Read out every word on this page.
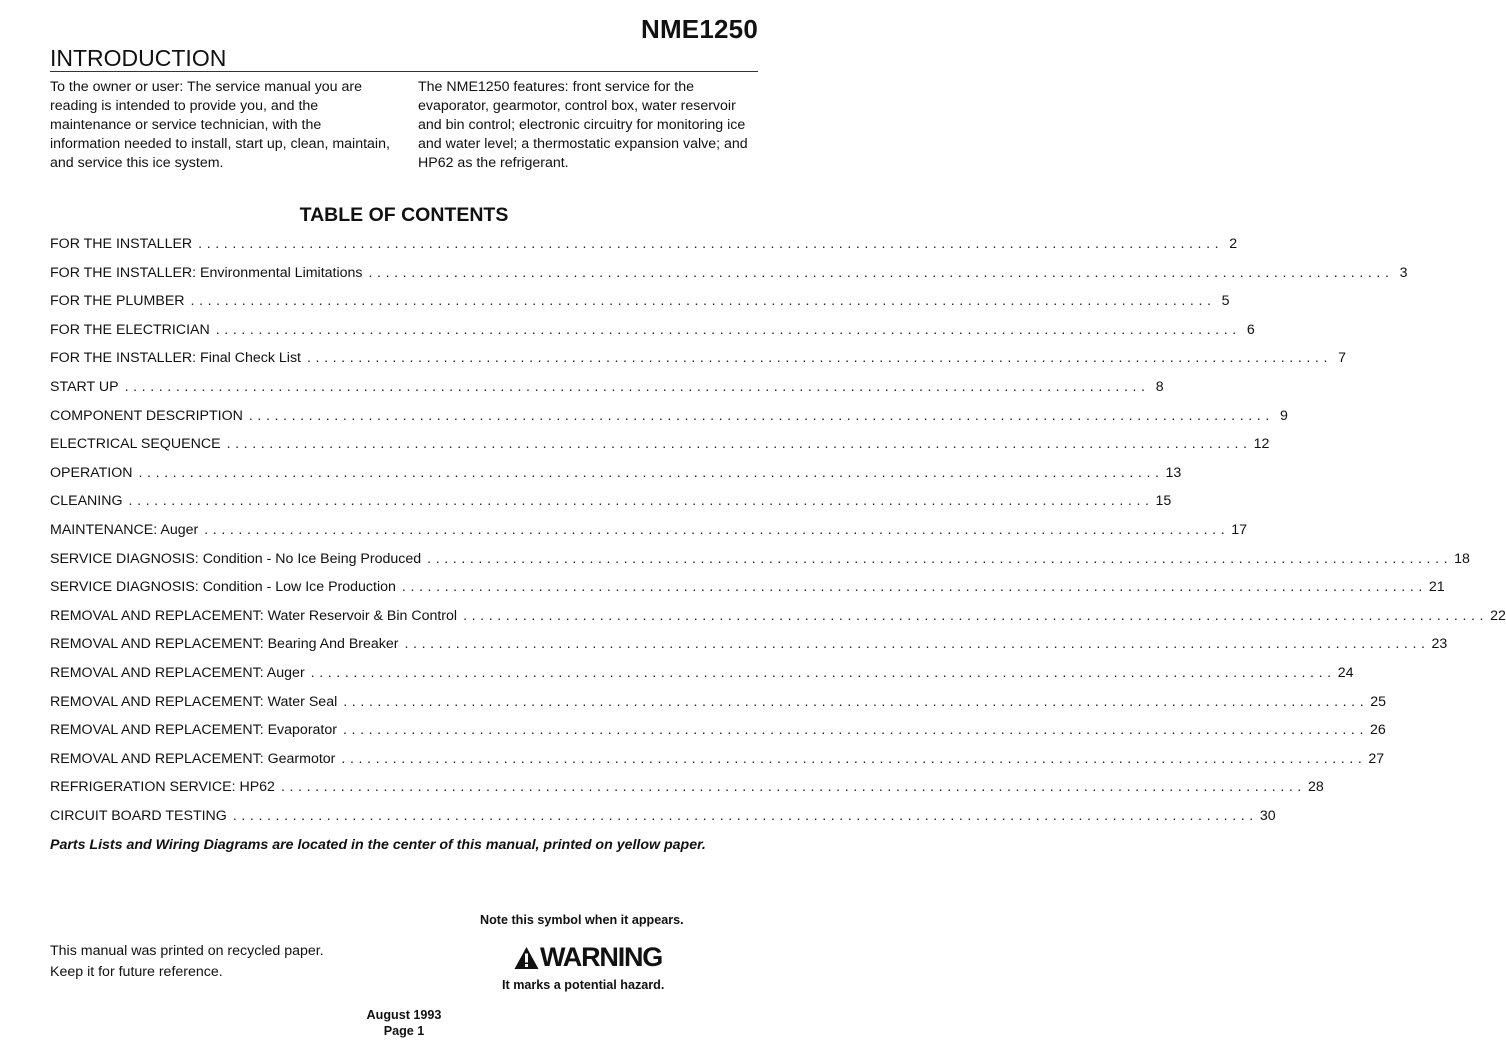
NME1250
INTRODUCTION
To the owner or user: The service manual you are reading is intended to provide you, and the maintenance or service technician, with the information needed to install, start up, clean, maintain, and service this ice system.
The NME1250 features: front service for the evaporator, gearmotor, control box, water reservoir and bin control; electronic circuitry for monitoring ice and water level; a thermostatic expansion valve; and HP62 as the refrigerant.
TABLE OF CONTENTS
FOR THE INSTALLER ........................................................................................................................ 2
FOR THE INSTALLER: Environmental Limitations ........................................................................................................................ 3
FOR THE PLUMBER ........................................................................................................................ 5
FOR THE ELECTRICIAN ........................................................................................................................ 6
FOR THE INSTALLER: Final Check List ........................................................................................................................ 7
START UP ........................................................................................................................ 8
COMPONENT DESCRIPTION ........................................................................................................................ 9
ELECTRICAL SEQUENCE ........................................................................................................................ 12
OPERATION ........................................................................................................................ 13
CLEANING ........................................................................................................................ 15
MAINTENANCE: Auger ........................................................................................................................ 17
SERVICE DIAGNOSIS: Condition - No Ice Being Produced ........................................................................................................................ 18
SERVICE DIAGNOSIS: Condition - Low Ice Production ........................................................................................................................ 21
REMOVAL AND REPLACEMENT: Water Reservoir & Bin Control ........................................................................................................................ 22
REMOVAL AND REPLACEMENT: Bearing And Breaker ........................................................................................................................ 23
REMOVAL AND REPLACEMENT: Auger ........................................................................................................................ 24
REMOVAL AND REPLACEMENT: Water Seal ........................................................................................................................ 25
REMOVAL AND REPLACEMENT: Evaporator ........................................................................................................................ 26
REMOVAL AND REPLACEMENT: Gearmotor ........................................................................................................................ 27
REFRIGERATION SERVICE: HP62 ........................................................................................................................ 28
CIRCUIT BOARD TESTING ........................................................................................................................ 30
Parts Lists and Wiring Diagrams are located in the center of this manual, printed on yellow paper.
This manual was printed on recycled paper.
Keep it for future reference.
Note this symbol when it appears.
WARNING
It marks a potential hazard.
August 1993
Page 1
